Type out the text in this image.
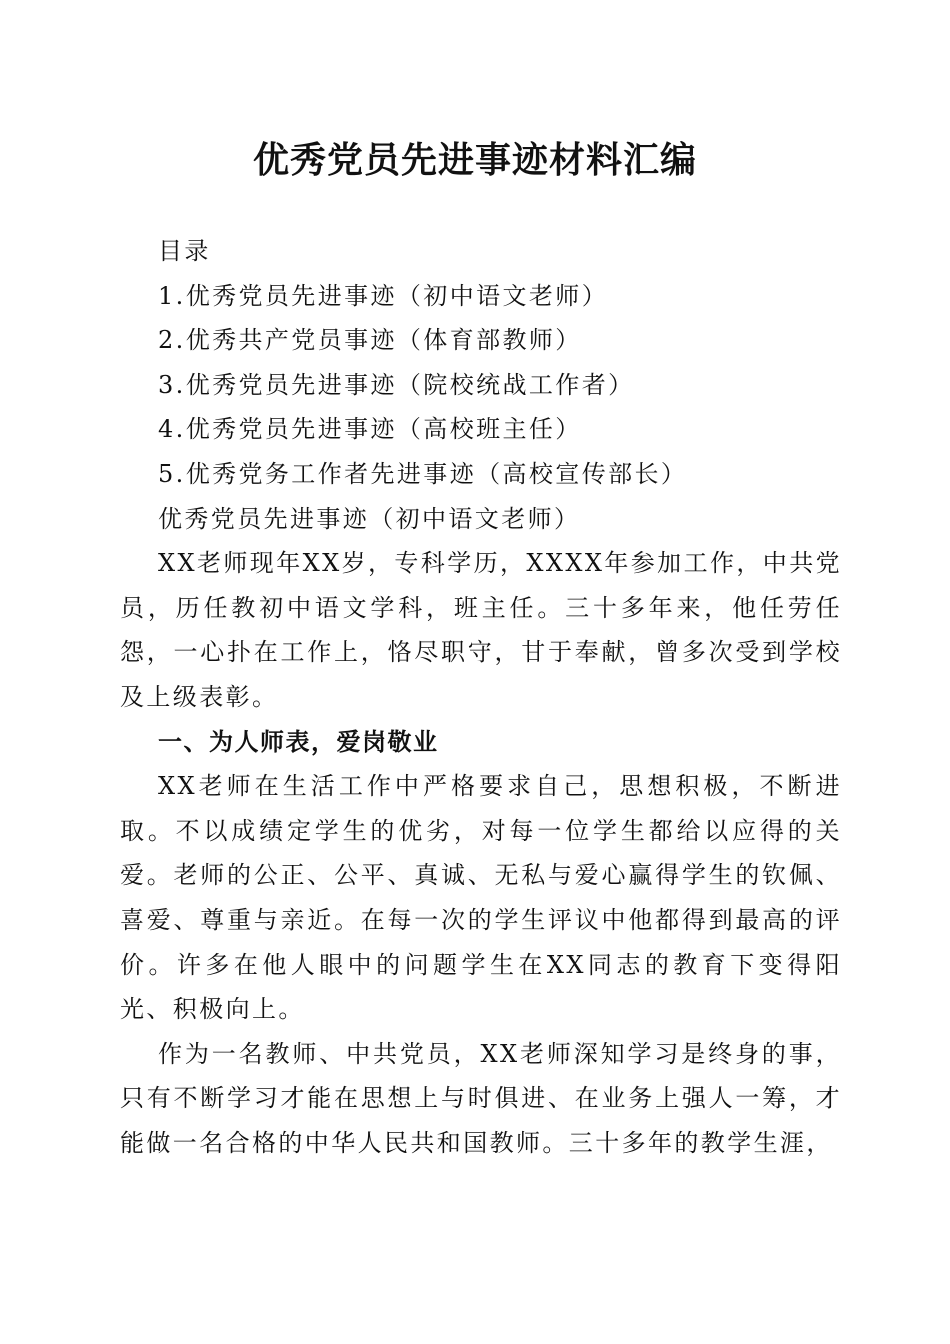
优秀党员先进事迹材料汇编

目录

1.优秀党员先进事迹（初中语文老师）

2.优秀共产党员事迹（体育部教师）

3.优秀党员先进事迹（院校统战工作者）

4.优秀党员先进事迹（高校班主任）

5.优秀党务工作者先进事迹（高校宣传部长）

优秀党员先进事迹（初中语文老师）

XX老师现年XX岁，专科学历，XXXX年参加工作，中共党员，历任教初中语文学科，班主任。三十多年来，他任劳任怨，一心扑在工作上，恪尽职守，甘于奉献，曾多次受到学校及上级表彰。

一、为人师表，爱岗敬业

XX老师在生活工作中严格要求自己，思想积极，不断进取。不以成绩定学生的优劣，对每一位学生都给以应得的关爱。老师的公正、公平、真诚、无私与爱心赢得学生的钦佩、喜爱、尊重与亲近。在每一次的学生评议中他都得到最高的评价。许多在他人眼中的问题学生在XX同志的教育下变得阳光、积极向上。

作为一名教师、中共党员，XX老师深知学习是终身的事，只有不断学习才能在思想上与时俱进、在业务上强人一筹，才能做一名合格的中华人民共和国教师。三十多年的教学生涯，
